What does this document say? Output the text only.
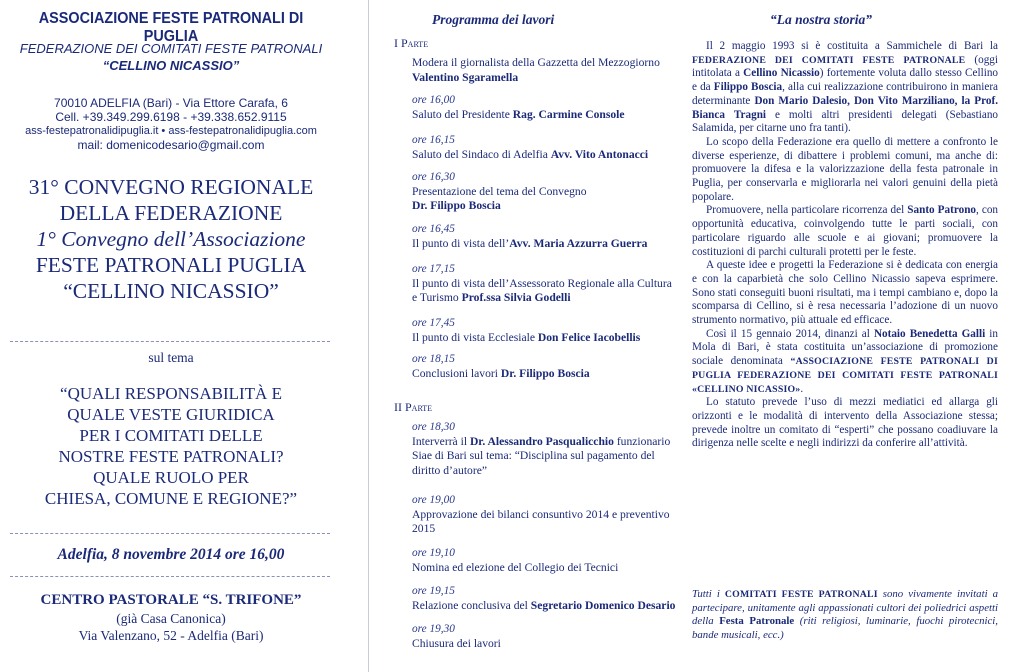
ASSOCIAZIONE FESTE PATRONALI DI PUGLIA
FEDERAZIONE DEI COMITATI FESTE PATRONALI
“CELLINO NICASSIO”
70010 ADELFIA (Bari) - Via Ettore Carafa, 6
Cell. +39.349.299.6198 - +39.338.652.9115
ass-festepatronalidipuglia.it • ass-festepatronalidipuglia.com
mail: domenicodesario@gmail.com
31° CONVEGNO REGIONALE
DELLA FEDERAZIONE
1° Convegno dell’Associazione
FESTE PATRONALI PUGLIA
“CELLINO NICASSIO”
sul tema
“QUALI RESPONSABILITÀ E
QUALE VESTE GIURIDICA
PER I COMITATI DELLE
NOSTRE FESTE PATRONALI?
QUALE RUOLO PER
CHIESA, COMUNE E REGIONE?”
Adelfia, 8 novembre 2014 ore 16,00
CENTRO PASTORALE “S. TRIFONE”
(già Casa Canonica)
Via Valenzano, 52 - Adelfia (Bari)
Programma dei lavori
I Parte
Modera il giornalista della Gazzetta del Mezzogiorno
Valentino Sgaramella
ore 16,00
Saluto del Presidente Rag. Carmine Console
ore 16,15
Saluto del Sindaco di Adelfia Avv. Vito Antonacci
ore 16,30
Presentazione del tema del Convegno
Dr. Filippo Boscia
ore 16,45
Il punto di vista dell’Avv. Maria Azzurra Guerra
ore 17,15
Il punto di vista dell’Assessorato Regionale alla Cultura
e Turismo Prof.ssa Silvia Godelli
ore 17,45
Il punto di vista Ecclesiale Don Felice Iacobellis
ore 18,15
Conclusioni lavori Dr. Filippo Boscia
II Parte
ore 18,30
Interverrà il Dr. Alessandro Pasqualicchio funzionario
Siae di Bari sul tema: “Disciplina sul pagamento del
diritto d’autore”
ore 19,00
Approvazione dei bilanci consuntivo 2014 e preventivo
2015
ore 19,10
Nomina ed elezione del Collegio dei Tecnici
ore 19,15
Relazione conclusiva del Segretario Domenico Desario
ore 19,30
Chiusura dei lavori
“La nostra storia”

Il 2 maggio 1993 si è costituita a Sammichele di Bari la FEDERAZIONE DEI COMITATI FESTE PATRONALE (oggi intitolata a Cellino Nicassio) fortemente voluta dallo stesso Cellino e da Filippo Boscia, alla cui realizzazione contribuirono in maniera determinante Don Mario Dalesio, Don Vito Marziliano, la Prof. Bianca Tragni e molti altri presidenti delegati (Sebastiano Salamida, per citarne uno fra tanti).

Lo scopo della Federazione era quello di mettere a confronto le diverse esperienze, di dibattere i problemi comuni, ma anche di: promuovere la difesa e la valorizzazione della festa patronale in Puglia, per conservarla e migliorarla nei valori genuini della pietà popolare.

Promuovere, nella particolare ricorrenza del Santo Patrono, con opportunità educativa, coinvolgendo tutte le parti sociali, con particolare riguardo alle scuole e ai giovani; promuovere la costituzioni di parchi culturali protetti per le feste.

A queste idee e progetti la Federazione si è dedicata con energia e con la caparbietà che solo Cellino Nicassio sapeva esprimere. Sono stati conseguiti buoni risultati, ma i tempi cambiano e, dopo la scomparsa di Cellino, si è resa necessaria l’adozione di un nuovo strumento normativo, più attuale ed efficace.

Così il 15 gennaio 2014, dinanzi al Notaio Benedetta Galli in Mola di Bari, è stata costituita un’associazione di promozione sociale denominata “ASSOCIAZIONE FESTE PATRONALI DI PUGLIA FEDERAZIONE DEI COMITATI FESTE PATRONALI «CELLINO NICASSIO».

Lo statuto prevede l’uso di mezzi mediatici ed allarga gli orizzonti e le modalità di intervento della Associazione stessa; prevede inoltre un comitato di “esperti” che possano coadiuvare la dirigenza nelle scelte e negli indirizzi da conferire all’attività.

Tutti i COMITATI FESTE PATRONALI sono vivamente invitati a partecipare, unitamente agli appassionati cultori dei poliedrici aspetti della Festa Patronale (riti religiosi, luminarie, fuochi pirotecnici, bande musicali, ecc.)
